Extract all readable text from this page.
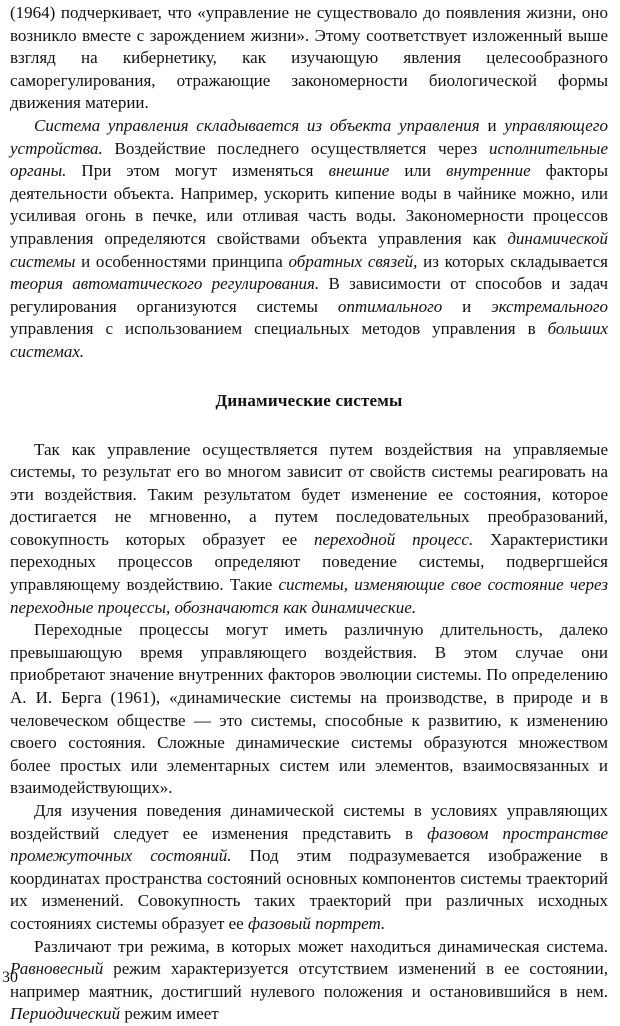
(1964) подчеркивает, что «управление не существовало до появления жизни, оно возникло вместе с зарождением жизни». Этому соответствует изложенный выше взгляд на кибернетику, как изучающую явления целесообразного саморегулирования, отражающие закономерности биологической формы движения материи.

Система управления складывается из объекта управления и управляющего устройства. Воздействие последнего осуществляется через исполнительные органы. При этом могут изменяться внешние или внутренние факторы деятельности объекта. Например, ускорить кипение воды в чайнике можно, или усиливая огонь в печке, или отливая часть воды. Закономерности процессов управления определяются свойствами объекта управления как динамической системы и особенностями принципа обратных связей, из которых складывается теория автоматического регулирования. В зависимости от способов и задач регулирования организуются системы оптимального и экстремального управления с использованием специальных методов управления в больших системах.

Динамические системы

Так как управление осуществляется путем воздействия на управляемые системы, то результат его во многом зависит от свойств системы реагировать на эти воздействия. Таким результатом будет изменение ее состояния, которое достигается не мгновенно, а путем последовательных преобразований, совокупность которых образует ее переходной процесс. Характеристики переходных процессов определяют поведение системы, подвергшейся управляющему воздействию. Такие системы, изменяющие свое состояние через переходные процессы, обозначаются как динамические.

Переходные процессы могут иметь различную длительность, далеко превышающую время управляющего воздействия. В этом случае они приобретают значение внутренних факторов эволюции системы. По определению А. И. Берга (1961), «динамические системы на производстве, в природе и в человеческом обществе — это системы, способные к развитию, к изменению своего состояния. Сложные динамические системы образуются множеством более простых или элементарных систем или элементов, взаимосвязанных и взаимодействующих».

Для изучения поведения динамической системы в условиях управляющих воздействий следует ее изменения представить в фазовом пространстве промежуточных состояний. Под этим подразумевается изображение в координатах пространства состояний основных компонентов системы траекторий их изменений. Совокупность таких траекторий при различных исходных состояниях системы образует ее фазовый портрет.

Различают три режима, в которых может находиться динамическая система. Равновесный режим характеризуется отсутствием изменений в ее состоянии, например маятник, достигший нулевого положения и остановившийся в нем. Периодический режим имеет

30
